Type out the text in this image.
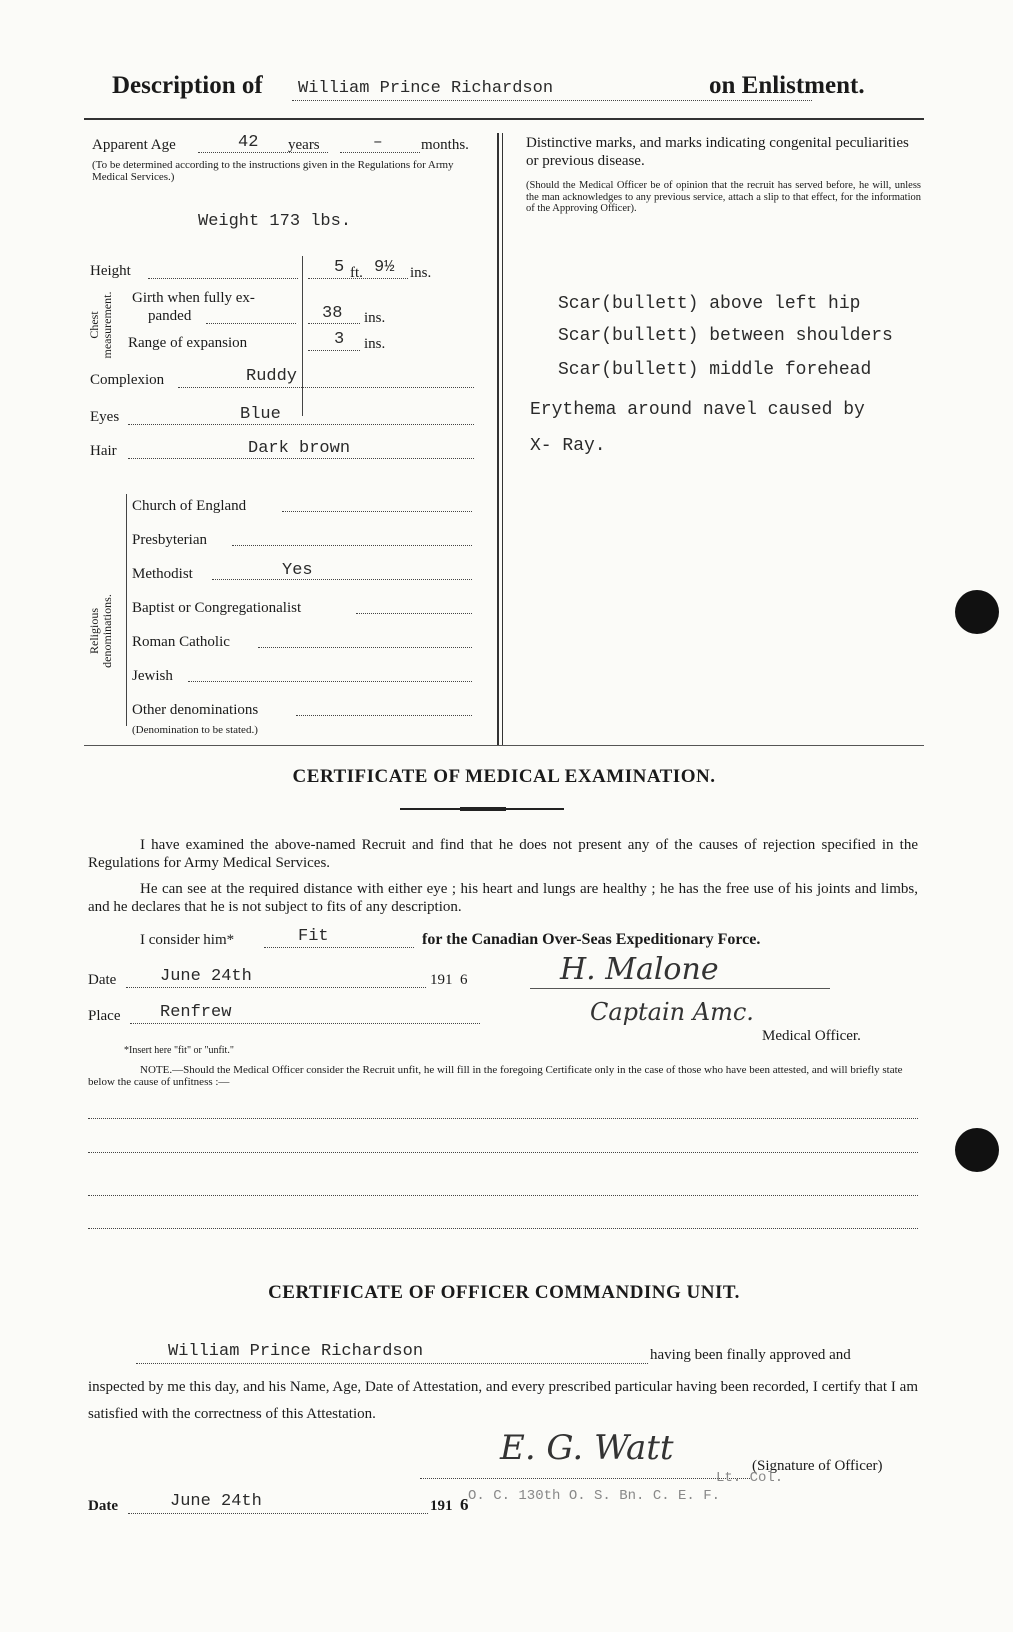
Description of William Prince Richardson	on Enlistment.
Apparent Age	42 years	–	months.
(To be determined according to the instructions given in the Regulations for Army Medical Services.)
Weight 173 lbs.
Height	5 ft. 9½ ins.
Chest measurement. Girth when fully ex-
panded	38 ins.
Range of expansion	3 ins.
Complexion	Ruddy
Eyes	Blue
Hair	Dark brown
Religious denominations.
Church of England
Presbyterian
Methodist	Yes
Baptist or Congregationalist
Roman Catholic
Jewish
Other denominations
(Denomination to be stated.)
Distinctive marks, and marks indicating congenital peculiarities or previous disease.
(Should the Medical Officer be of opinion that the recruit has served before, he will, unless the man acknowledges to any previous service, attach a slip to that effect, for the information of the Approving Officer).
Scar(bullett) above left hip
Scar(bullett) between shoulders
Scar(bullett) middle forehead
Erythema around navel caused by
X- Ray.
CERTIFICATE OF MEDICAL EXAMINATION.
I have examined the above-named Recruit and find that he does not present any of the causes of rejection specified in the Regulations for Army Medical Services.
He can see at the required distance with either eye ; his heart and lungs are healthy ; he has the free use of his joints and limbs, and he declares that he is not subject to fits of any description.
I consider him*	Fit	for the Canadian Over-Seas Expeditionary Force.
Date	June 24th	191 6
Place Renfrew
H. Malone
Captain Amc.
Medical Officer.
*Insert here "fit" or "unfit."
NOTE.—Should the Medical Officer consider the Recruit unfit, he will fill in the foregoing Certificate only in the case of those who have been attested, and will briefly state below the cause of unfitness :—
CERTIFICATE OF OFFICER COMMANDING UNIT.
William Prince Richardson	having been finally approved and
inspected by me this day, and his Name, Age, Date of Attestation, and every prescribed particular having been recorded, I certify that I am satisfied with the correctness of this Attestation.
E. G. Watt	(Signature of Officer)
O. C. 130th O. S. Bn. C. E. F.
Lt. Col.
Date	June 24th	191 6
